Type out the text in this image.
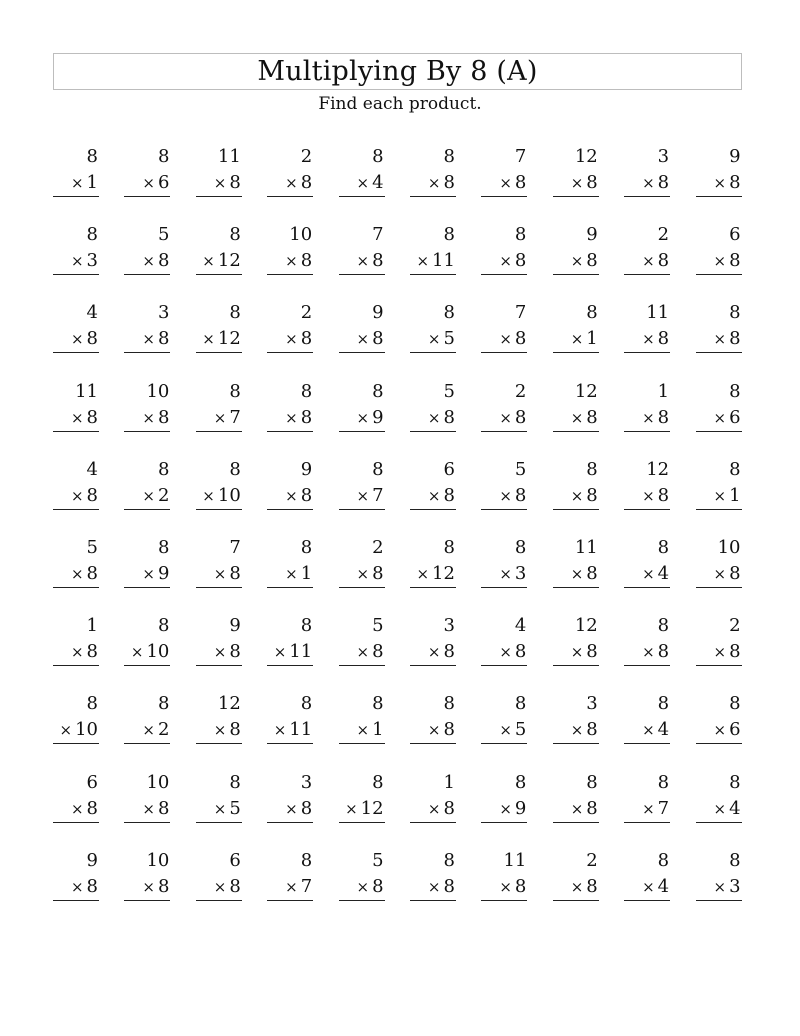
Multiplying By 8 (A)
Find each product.
8
× 1
8
× 6
11
× 8
2
× 8
8
× 4
8
× 8
7
× 8
12
× 8
3
× 8
9
× 8
8
× 3
5
× 8
8
× 12
10
× 8
7
× 8
8
× 11
8
× 8
9
× 8
2
× 8
6
× 8
4
× 8
3
× 8
8
× 12
2
× 8
9
× 8
8
× 5
7
× 8
8
× 1
11
× 8
8
× 8
11
× 8
10
× 8
8
× 7
8
× 8
8
× 9
5
× 8
2
× 8
12
× 8
1
× 8
8
× 6
4
× 8
8
× 2
8
× 10
9
× 8
8
× 7
6
× 8
5
× 8
8
× 8
12
× 8
8
× 1
5
× 8
8
× 9
7
× 8
8
× 1
2
× 8
8
× 12
8
× 3
11
× 8
8
× 4
10
× 8
1
× 8
8
× 10
9
× 8
8
× 11
5
× 8
3
× 8
4
× 8
12
× 8
8
× 8
2
× 8
8
× 10
8
× 2
12
× 8
8
× 11
8
× 1
8
× 8
8
× 5
3
× 8
8
× 4
8
× 6
6
× 8
10
× 8
8
× 5
3
× 8
8
× 12
1
× 8
8
× 9
8
× 8
8
× 7
8
× 4
9
× 8
10
× 8
6
× 8
8
× 7
5
× 8
8
× 8
11
× 8
2
× 8
8
× 4
8
× 3
